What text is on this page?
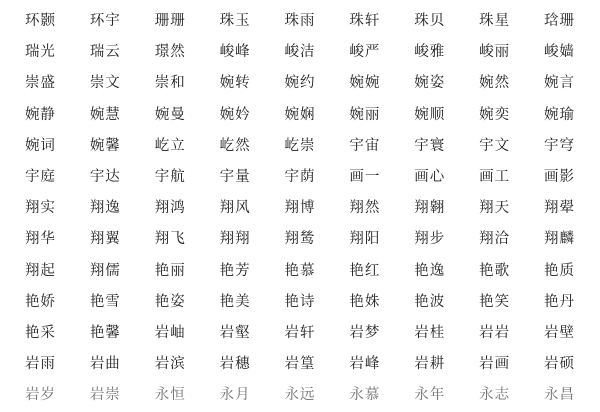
环颢	环宇	珊珊	珠玉	珠雨	珠轩	珠贝	珠星	琀珊
瑞光	瑞云	璟然	峻峰	峻洁	峻严	峻雅	峻丽	峻嫱
崇盛	崇文	崇和	婉转	婉约	婉婉	婉姿	婉然	婉言
婉静	婉慧	婉曼	婉妗	婉娴	婉丽	婉顺	婉奕	婉瑜
婉词	婉馨	屹立	屹然	屹崇	宇宙	宇寰	宇文	宇穹
宇庭	宇达	宇航	宇量	宇荫	画一	画心	画工	画影
翔实	翔逸	翔鸿	翔风	翔博	翔然	翔翱	翔天	翔翚
翔华	翔翼	翔飞	翔翔	翔鸶	翔阳	翔步	翔洽	翔麟
翔起	翔儒	艳丽	艳芳	艳慕	艳红	艳逸	艳歌	艳质
艳娇	艳雪	艳姿	艳美	艳诗	艳姝	艳波	艳笑	艳丹
艳采	艳馨	岩岫	岩壑	岩轩	岩梦	岩桂	岩岩	岩壁
岩雨	岩曲	岩滨	岩穗	岩篁	岩峰	岩耕	岩画	岩硕
岩岁	岩崇	永恒	永月	永远	永慕	永年	永志	永昌
